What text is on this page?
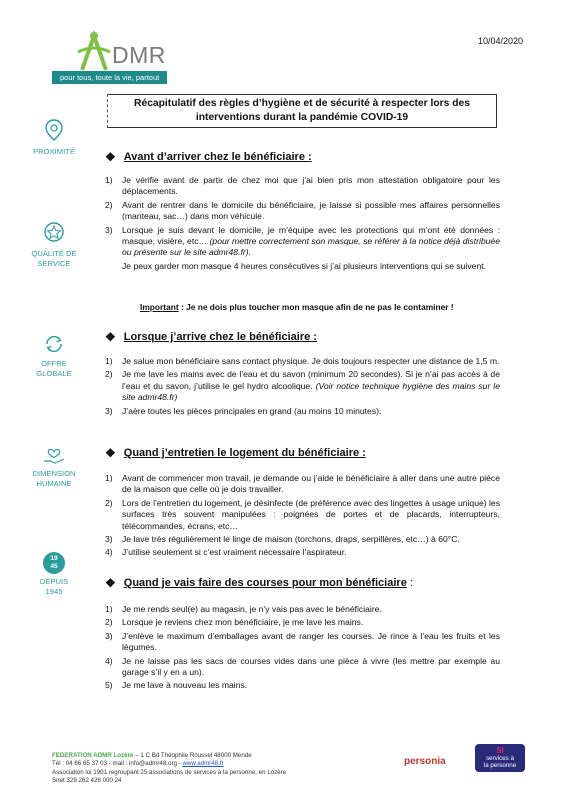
10/04/2020
DMR
pour tous, toute la vie, partout
Récapitulatif des règles d’hygiène et de sécurité à respecter lors des
interventions durant la pandémie COVID-19
PROXIMITÉ
QUALITÉ DE
SERVICE
OFFRE
GLOBALE
DIMENSION
HUMAINE
19
45
DEPUIS
1945
❖ Avant d’arriver chez le bénéficiaire :
1)	Je vérifie avant de partir de chez moi que j’ai bien pris mon attestation obligatoire pour les déplacements.
2)	Avant de rentrer dans le domicile du bénéficiaire, je laisse si possible mes affaires personnelles (manteau, sac…) dans mon véhicule.
3)	Lorsque je suis devant le domicile, je m’équipe avec les protections qui m’ont été données : masque, visière, etc… (pour mettre correctement son masque, se référer à la notice déjà distribuée ou présente sur le site admr48.fr).
Je peux garder mon masque 4 heures consécutives si j’ai plusieurs interventions qui se suivent.
Important : Je ne dois plus toucher mon masque afin de ne pas le contaminer !
❖ Lorsque j’arrive chez le bénéficiaire :
1)	Je salue mon bénéficiaire sans contact physique. Je dois toujours respecter une distance de 1,5 m.
2)	Je me lave les mains avec de l’eau et du savon (minimum 20 secondes). Si je n’ai pas accès à de l’eau et du savon, j’utilise le gel hydro alcoolique. (Voir notice technique hygiène des mains sur le site admr48.fr)
3)	J’aère toutes les pièces principales en grand (au moins 10 minutes).
❖ Quand j’entretien le logement du bénéficiaire :
1)	Avant de commencer mon travail, je demande ou j’aide le bénéficiaire à aller dans une autre pièce de la maison que celle où je dois travailler.
2)	Lors de l’entretien du logement, je désinfecte (de préférence avec des lingettes à usage unique) les surfaces très souvent manipulées : poignées de portes et de placards, interrupteurs, télécommandes, écrans, etc…
3)	Je lave très régulièrement le linge de maison (torchons, draps, serpillères, etc…) à 60°C.
4)	J’utilise seulement si c’est vraiment nécessaire l’aspirateur.
❖ Quand je vais faire des courses pour mon bénéficiaire :
1)	Je me rends seul(e) au magasin, je n’y vais pas avec le bénéficiaire.
2)	Lorsque je reviens chez mon bénéficiaire, je me lave les mains.
3)	J’enlève le maximum d’emballages avant de ranger les courses. Je rince à l’eau les fruits et les légumes.
4)	Je ne laisse pas les sacs de courses vides dans une pièce à vivre (les mettre par exemple au garage s’il y en a un).
5)	Je me lave à nouveau les mains.
FEDERATION ADMR Lozère – 1 C Bd Théophile Roussel 48000 Mende
Tél : 04 66 65 37 03 - mail : info@admr48.org - www.admr48.fr
Association loi 1901 regroupant 25 associations de services à la personne, en Lozère
Siret 329 262 426 000 24
personia
SI
services à
la personne
